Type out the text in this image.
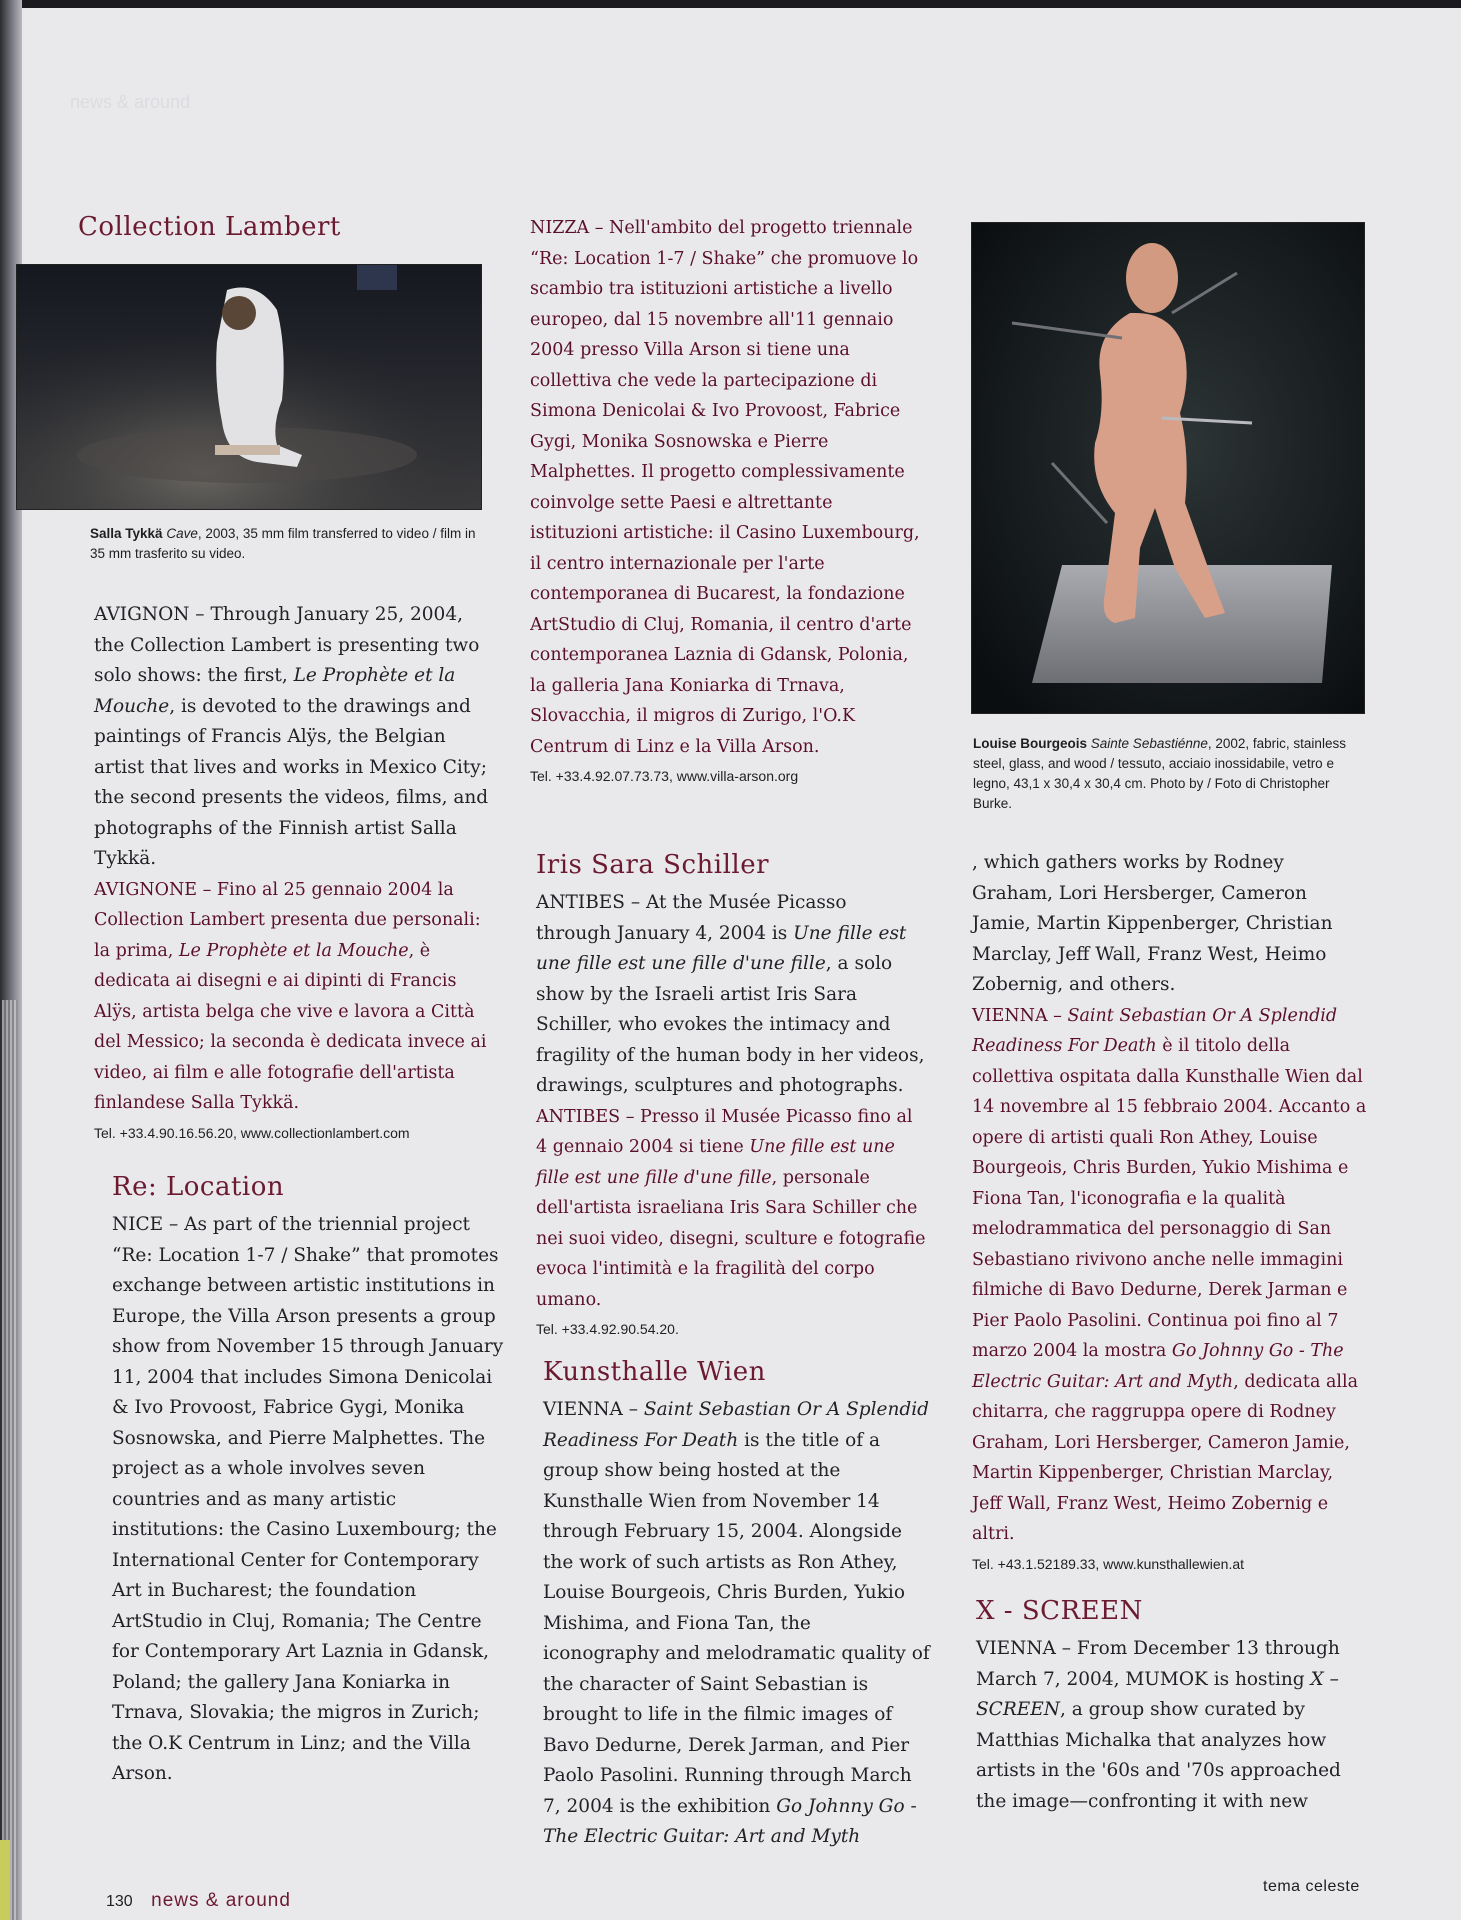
news & around
Collection Lambert

Salla Tykkä Cave, 2003, 35 mm film transferred to video / film in 35 mm trasferito su video.

AVIGNON – Through January 25, 2004, the Collection Lambert is presenting two solo shows: the first, Le Prophète et la Mouche, is devoted to the drawings and paintings of Francis Alÿs, the Belgian artist that lives and works in Mexico City; the second presents the videos, films, and photographs of the Finnish artist Salla Tykkä.

AVIGNONE – Fino al 25 gennaio 2004 la Collection Lambert presenta due personali: la prima, Le Prophète et la Mouche, è dedicata ai disegni e ai dipinti di Francis Alÿs, artista belga che vive e lavora a Città del Messico; la seconda è dedicata invece ai video, ai film e alle fotografie dell'artista finlandese Salla Tykkä.

Tel. +33.4.90.16.56.20, www.collectionlambert.com

Re: Location

NICE – As part of the triennial project “Re: Location 1-7 / Shake” that promotes exchange between artistic institutions in Europe, the Villa Arson presents a group show from November 15 through January 11, 2004 that includes Simona Denicolai & Ivo Provoost, Fabrice Gygi, Monika Sosnowska, and Pierre Malphettes. The project as a whole involves seven countries and as many artistic institutions: the Casino Luxembourg; the International Center for Contemporary Art in Bucharest; the foundation ArtStudio in Cluj, Romania; The Centre for Contemporary Art Laznia in Gdansk, Poland; the gallery Jana Koniarka in Trnava, Slovakia; the migros in Zurich; the O.K Centrum in Linz; and the Villa Arson.

NIZZA – Nell'ambito del progetto triennale “Re: Location 1-7 / Shake” che promuove lo scambio tra istituzioni artistiche a livello europeo, dal 15 novembre all'11 gennaio 2004 presso Villa Arson si tiene una collettiva che vede la partecipazione di Simona Denicolai & Ivo Provoost, Fabrice Gygi, Monika Sosnowska e Pierre Malphettes. Il progetto complessivamente coinvolge sette Paesi e altrettante istituzioni artistiche: il Casino Luxembourg, il centro internazionale per l'arte contemporanea di Bucarest, la fondazione ArtStudio di Cluj, Romania, il centro d'arte contemporanea Laznia di Gdansk, Polonia, la galleria Jana Koniarka di Trnava, Slovacchia, il migros di Zurigo, l'O.K Centrum di Linz e la Villa Arson.

Tel. +33.4.92.07.73.73, www.villa-arson.org

Iris Sara Schiller

ANTIBES – At the Musée Picasso through January 4, 2004 is Une fille est une fille est une fille d'une fille, a solo show by the Israeli artist Iris Sara Schiller, who evokes the intimacy and fragility of the human body in her videos, drawings, sculptures and photographs.

ANTIBES – Presso il Musée Picasso fino al 4 gennaio 2004 si tiene Une fille est une fille est une fille d'une fille, personale dell'artista israeliana Iris Sara Schiller che nei suoi video, disegni, sculture e fotografie evoca l'intimità e la fragilità del corpo umano.

Tel. +33.4.92.90.54.20.

Kunsthalle Wien

VIENNA – Saint Sebastian Or A Splendid Readiness For Death is the title of a group show being hosted at the Kunsthalle Wien from November 14 through February 15, 2004. Alongside the work of such artists as Ron Athey, Louise Bourgeois, Chris Burden, Yukio Mishima, and Fiona Tan, the iconography and melodramatic quality of the character of Saint Sebastian is brought to life in the filmic images of Bavo Dedurne, Derek Jarman, and Pier Paolo Pasolini. Running through March 7, 2004 is the exhibition Go Johnny Go - The Electric Guitar: Art and Myth

Louise Bourgeois Sainte Sebastiénne, 2002, fabric, stainless steel, glass, and wood / tessuto, acciaio inossidabile, vetro e legno, 43,1 x 30,4 x 30,4 cm. Photo by / Foto di Christopher Burke.

, which gathers works by Rodney Graham, Lori Hersberger, Cameron Jamie, Martin Kippenberger, Christian Marclay, Jeff Wall, Franz West, Heimo Zobernig, and others.

VIENNA – Saint Sebastian Or A Splendid Readiness For Death è il titolo della collettiva ospitata dalla Kunsthalle Wien dal 14 novembre al 15 febbraio 2004. Accanto a opere di artisti quali Ron Athey, Louise Bourgeois, Chris Burden, Yukio Mishima e Fiona Tan, l'iconografia e la qualità melodrammatica del personaggio di San Sebastiano rivivono anche nelle immagini filmiche di Bavo Dedurne, Derek Jarman e Pier Paolo Pasolini. Continua poi fino al 7 marzo 2004 la mostra Go Johnny Go - The Electric Guitar: Art and Myth, dedicata alla chitarra, che raggruppa opere di Rodney Graham, Lori Hersberger, Cameron Jamie, Martin Kippenberger, Christian Marclay, Jeff Wall, Franz West, Heimo Zobernig e altri.

Tel. +43.1.52189.33, www.kunsthallewien.at

X - SCREEN

VIENNA – From December 13 through March 7, 2004, MUMOK is hosting X – SCREEN, a group show curated by Matthias Michalka that analyzes how artists in the '60s and '70s approached the image—confronting it with new

130 news & around
tema celeste
